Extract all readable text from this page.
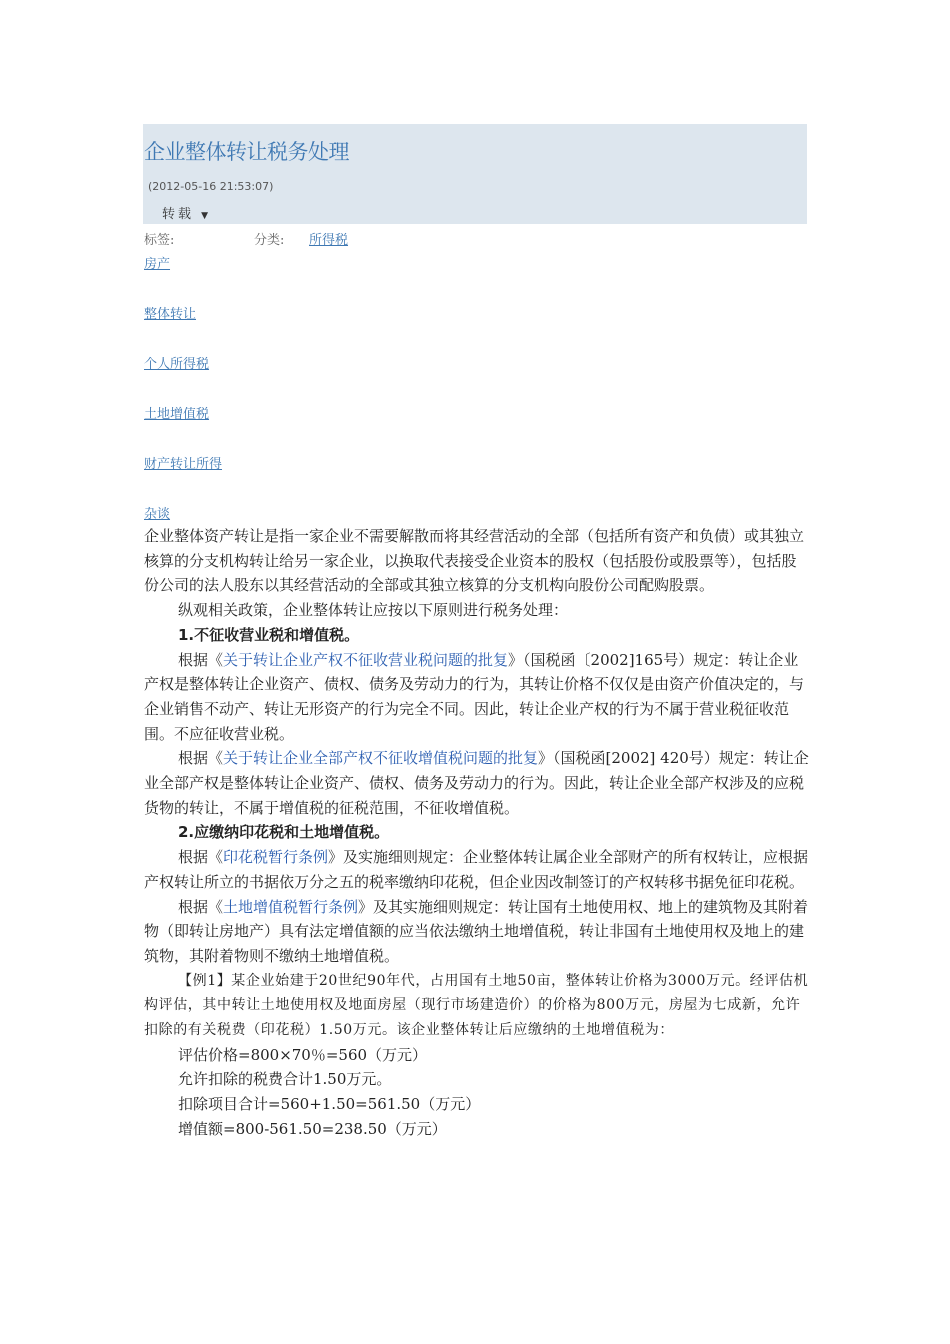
企业整体转让税务处理
(2012-05-16 21:53:07)
转载 ▼
标签:	分类: 所得税
房产
整体转让
个人所得税
土地增值税
财产转让所得
杂谈

企业整体资产转让是指一家企业不需要解散而将其经营活动的全部（包括所有资产和负债）或其独立核算的分支机构转让给另一家企业，以换取代表接受企业资本的股权（包括股份或股票等），包括股份公司的法人股东以其经营活动的全部或其独立核算的分支机构向股份公司配购股票。

纵观相关政策，企业整体转让应按以下原则进行税务处理：

1.不征收营业税和增值税。

根据《关于转让企业产权不征收营业税问题的批复》（国税函〔2002]165号）规定：转让企业产权是整体转让企业资产、债权、债务及劳动力的行为，其转让价格不仅仅是由资产价值决定的，与企业销售不动产、转让无形资产的行为完全不同。因此，转让企业产权的行为不属于营业税征收范围。不应征收营业税。

根据《关于转让企业全部产权不征收增值税问题的批复》（国税函[2002] 420号）规定：转让企业全部产权是整体转让企业资产、债权、债务及劳动力的行为。因此，转让企业全部产权涉及的应税货物的转让，不属于增值税的征税范围，不征收增值税。

2.应缴纳印花税和土地增值税。

根据《印花税暂行条例》及实施细则规定：企业整体转让属企业全部财产的所有权转让，应根据产权转让所立的书据依万分之五的税率缴纳印花税，但企业因改制签订的产权转移书据免征印花税。

根据《土地增值税暂行条例》及其实施细则规定：转让国有土地使用权、地上的建筑物及其附着物（即转让房地产）具有法定增值额的应当依法缴纳土地增值税，转让非国有土地使用权及地上的建筑物，其附着物则不缴纳土地增值税。

【例1】某企业始建于20世纪90年代，占用国有土地50亩，整体转让价格为3000万元。经评估机构评估，其中转让土地使用权及地面房屋（现行市场建造价）的价格为800万元，房屋为七成新，允许扣除的有关税费（印花税）1.50万元。该企业整体转让后应缴纳的土地增值税为：

评估价格=800×70％=560（万元）

允许扣除的税费合计1.50万元。

扣除项目合计=560+1.50=561.50（万元）

增值额=800-561.50=238.50（万元）
